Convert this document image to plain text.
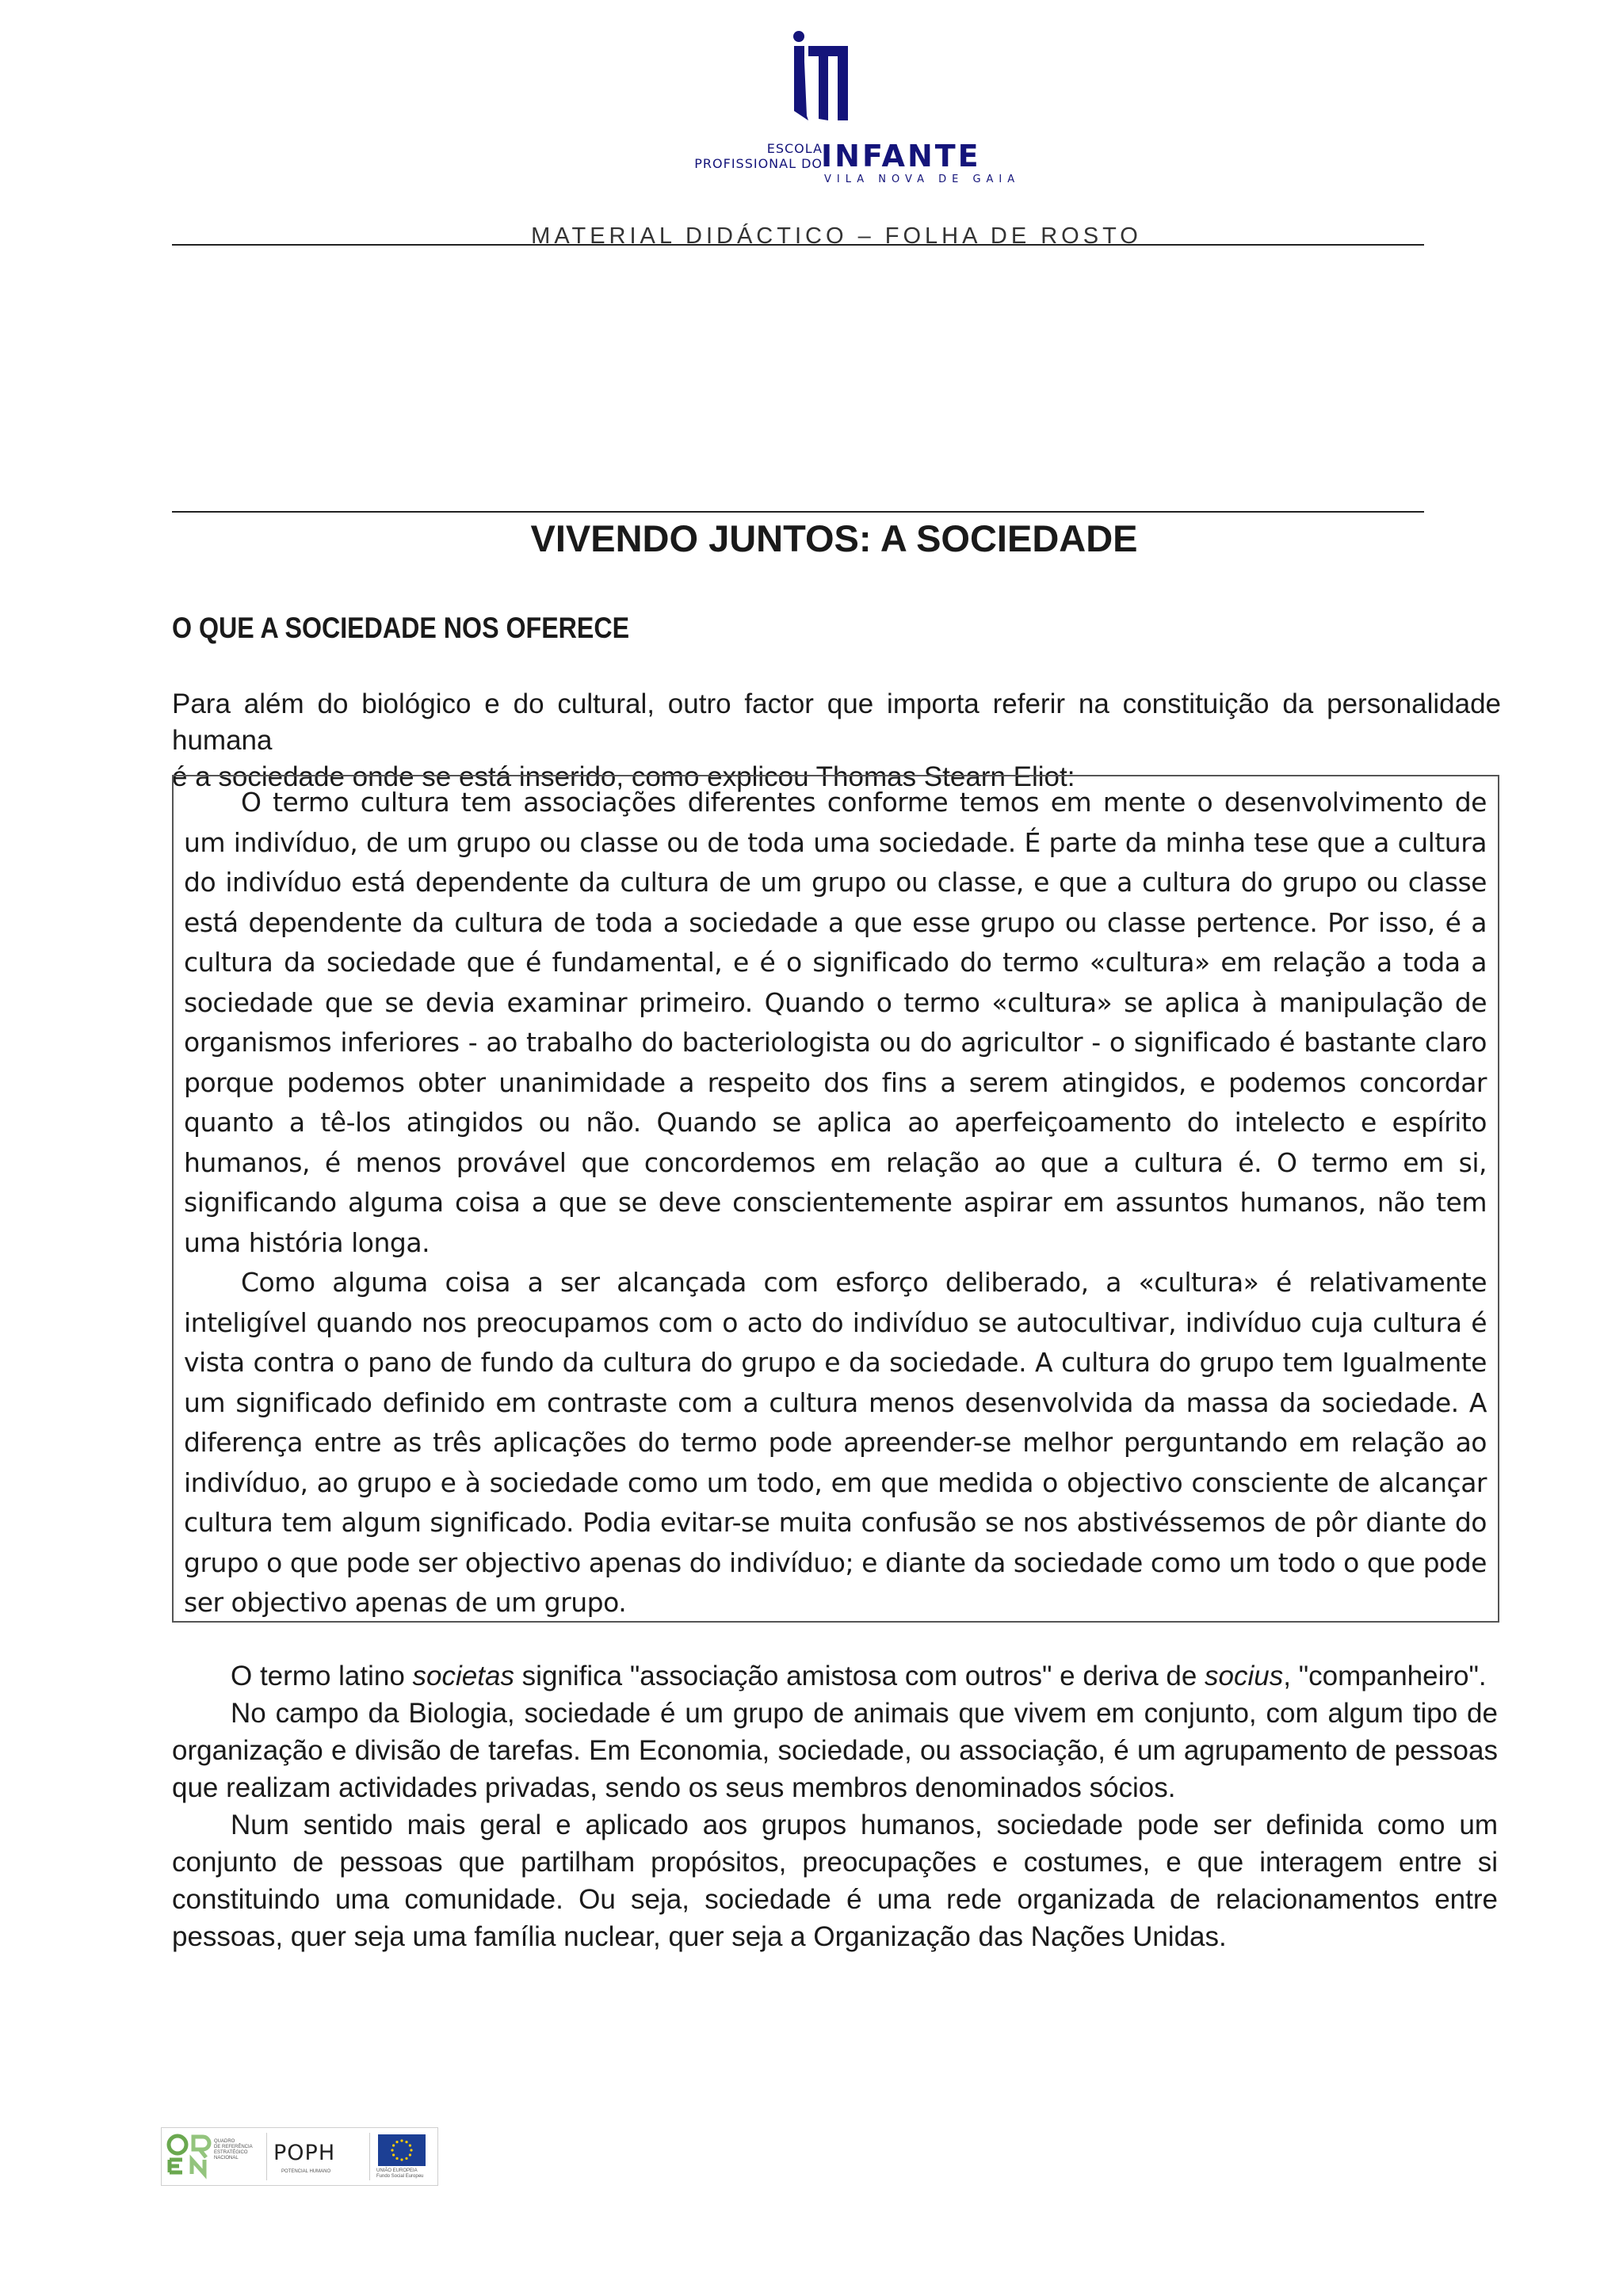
ESCOLA
PROFISSIONAL DO
INFANTE
VILA NOVA DE GAIA
MATERIAL DIDÁCTICO – FOLHA DE ROSTO
VIVENDO JUNTOS: A SOCIEDADE
O QUE A SOCIEDADE NOS OFERECE
Para além do biológico e do cultural, outro factor que importa referir na constituição da personalidade humana
é a sociedade onde se está inserido, como explicou Thomas Stearn Eliot:
O termo cultura tem associações diferentes conforme temos em mente o desenvolvimento de um indivíduo, de um grupo ou classe ou de toda uma sociedade. É parte da minha tese que a cultura do indivíduo está dependente da cultura de um grupo ou classe, e que a cultura do grupo ou classe está dependente da cultura de toda a sociedade a que esse grupo ou classe pertence. Por isso, é a cultura da sociedade que é fundamental, e é o significado do termo «cultura» em relação a toda a sociedade que se devia examinar primeiro. Quando o termo «cultura» se aplica à manipulação de organismos inferiores - ao trabalho do bacteriologista ou do agricultor - o significado é bastante claro porque podemos obter unanimidade a respeito dos fins a serem atingidos, e podemos concordar quanto a tê-los atingidos ou não. Quando se aplica ao aperfeiçoamento do intelecto e espírito humanos, é menos provável que concordemos em relação ao que a cultura é. O termo em si, significando alguma coisa a que se deve conscientemente aspirar em assuntos humanos, não tem uma história longa.
Como alguma coisa a ser alcançada com esforço deliberado, a «cultura» é relativamente inteligível quando nos preocupamos com o acto do indivíduo se autocultivar, indivíduo cuja cultura é vista contra o pano de fundo da cultura do grupo e da sociedade. A cultura do grupo tem Igualmente um significado definido em contraste com a cultura menos desenvolvida da massa da sociedade. A diferença entre as três aplicações do termo pode apreender-se melhor perguntando em relação ao indivíduo, ao grupo e à sociedade como um todo, em que medida o objectivo consciente de alcançar cultura tem algum significado. Podia evitar-se muita confusão se nos abstivéssemos de pôr diante do grupo o que pode ser objectivo apenas do indivíduo; e diante da sociedade como um todo o que pode ser objectivo apenas de um grupo.

O termo latino societas significa "associação amistosa com outros" e deriva de socius, "companheiro".

No campo da Biologia, sociedade é um grupo de animais que vivem em conjunto, com algum tipo de organização e divisão de tarefas. Em Economia, sociedade, ou associação, é um agrupamento de pessoas que realizam actividades privadas, sendo os seus membros denominados sócios.

Num sentido mais geral e aplicado aos grupos humanos, sociedade pode ser definida como um conjunto de pessoas que partilham propósitos, preocupações e costumes, e que interagem entre si constituindo uma comunidade. Ou seja, sociedade é uma rede organizada de relacionamentos entre pessoas, quer seja uma família nuclear, quer seja a Organização das Nações Unidas.

QUADRO
DE REFERÊNCIA
ESTRATÉGICO
NACIONAL	POPH
POTENCIAL HUMANO	UNIÃO EUROPEIA
Fundo Social Europeu
